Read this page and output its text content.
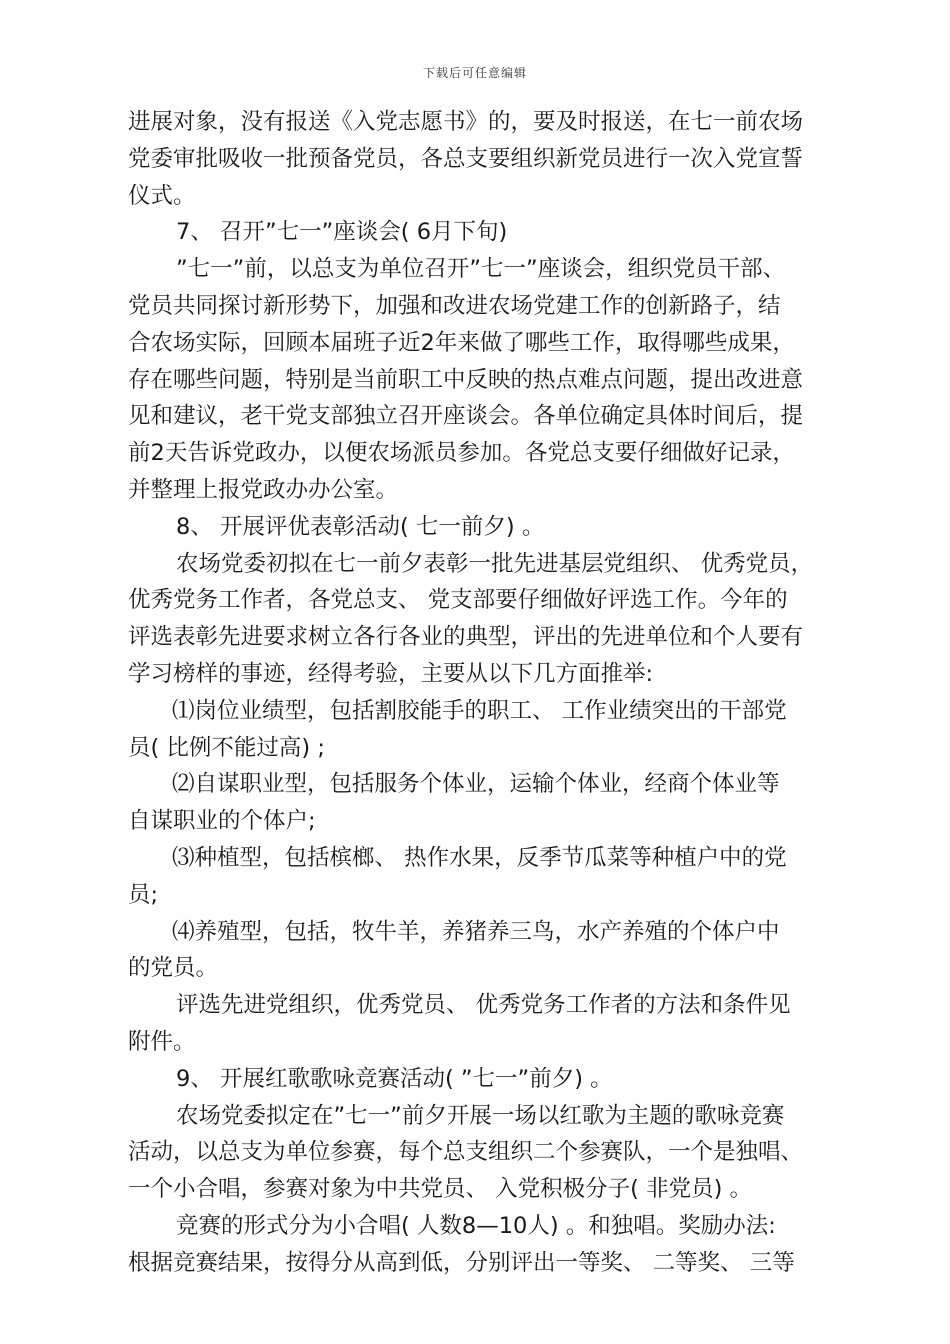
下载后可任意编辑
进展对象，没有报送《入党志愿书》的，要及时报送，在七一前农场
党委审批吸收一批预备党员，各总支要组织新党员进行一次入党宣誓
仪式。
7、 召开”七一”座谈会( 6月下旬)
”七一”前，以总支为单位召开”七一”座谈会，组织党员干部、
党员共同探讨新形势下，加强和改进农场党建工作的创新路子，结
合农场实际，回顾本届班子近2年来做了哪些工作，取得哪些成果，
存在哪些问题，特别是当前职工中反映的热点难点问题，提出改进意
见和建议，老干党支部独立召开座谈会。各单位确定具体时间后，提
前2天告诉党政办，以便农场派员参加。各党总支要仔细做好记录，
并整理上报党政办办公室。
8、 开展评优表彰活动( 七一前夕) 。
农场党委初拟在七一前夕表彰一批先进基层党组织、 优秀党员，
优秀党务工作者，各党总支、 党支部要仔细做好评选工作。今年的
评选表彰先进要求树立各行各业的典型，评出的先进单位和个人要有
学习榜样的事迹，经得考验，主要从以下几方面推举:
⑴岗位业绩型，包括割胶能手的职工、 工作业绩突出的干部党
员( 比例不能过高) ;
⑵自谋职业型，包括服务个体业，运输个体业，经商个体业等
自谋职业的个体户;
⑶种植型，包括槟榔、 热作水果，反季节瓜菜等种植户中的党
员;
⑷养殖型，包括，牧牛羊，养猪养三鸟，水产养殖的个体户中
的党员。
评选先进党组织，优秀党员、 优秀党务工作者的方法和条件见
附件。
9、 开展红歌歌咏竞赛活动( ”七一”前夕) 。
农场党委拟定在”七一”前夕开展一场以红歌为主题的歌咏竞赛
活动，以总支为单位参赛，每个总支组织二个参赛队，一个是独唱、
一个小合唱，参赛对象为中共党员、 入党积极分子( 非党员) 。
竞赛的形式分为小合唱( 人数8—10人) 。和独唱。奖励办法:
根据竞赛结果，按得分从高到低，分别评出一等奖、 二等奖、 三等
